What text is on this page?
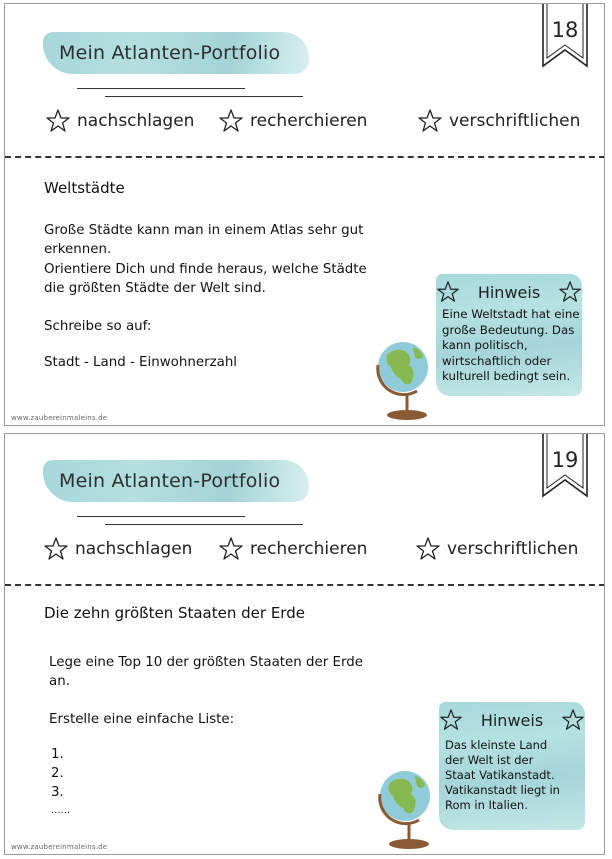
Mein Atlanten-Portfolio
18
nachschlagen	recherchieren	verschriftlichen
Weltstädte
Große Städte kann man in einem Atlas sehr gut erkennen.
Orientiere Dich und finde heraus, welche Städte die größten Städte der Welt sind.
Schreibe so auf:
Stadt - Land - Einwohnerzahl
Hinweis
Eine Weltstadt hat eine große Bedeutung. Das kann politisch, wirtschaftlich oder kulturell bedingt sein.
www.zaubereinmaleins.de
Mein Atlanten-Portfolio
19
nachschlagen	recherchieren	verschriftlichen
Die zehn größten Staaten der Erde
Lege eine Top 10 der größten Staaten der Erde an.
Erstelle eine einfache Liste:
1.
2.
3.
......
Hinweis
Das kleinste Land der Welt ist der Staat Vatikanstadt. Vatikanstadt liegt in Rom in Italien.
www.zaubereinmaleins.de
